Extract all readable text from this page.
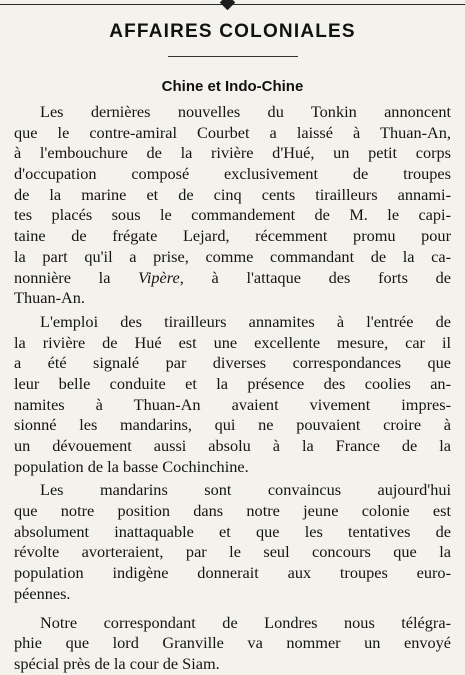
AFFAIRES COLONIALES
Chine et Indo-Chine
Les dernières nouvelles du Tonkin annoncent
que le contre-amiral Courbet a laissé à Thuan-An,
à l'embouchure de la rivière d'Hué, un petit corps
d'occupation composé exclusivement de troupes
de la marine et de cinq cents tirailleurs annami-
tes placés sous le commandement de M. le capi-
taine de frégate Lejard, récemment promu pour
la part qu'il a prise, comme commandant de la ca-
nonnière la Vipère, à l'attaque des forts de
Thuan-An.
L'emploi des tirailleurs annamites à l'entrée de
la rivière de Hué est une excellente mesure, car il
a été signalé par diverses correspondances que
leur belle conduite et la présence des coolies an-
namites à Thuan-An avaient vivement impres-
sionné les mandarins, qui ne pouvaient croire à
un dévouement aussi absolu à la France de la
population de la basse Cochinchine.
Les mandarins sont convaincus aujourd'hui
que notre position dans notre jeune colonie est
absolument inattaquable et que les tentatives de
révolte avorteraient, par le seul concours que la
population indigène donnerait aux troupes euro-
péennes.
Notre correspondant de Londres nous télégra-
phie que lord Granville va nommer un envoyé
spécial près de la cour de Siam.
